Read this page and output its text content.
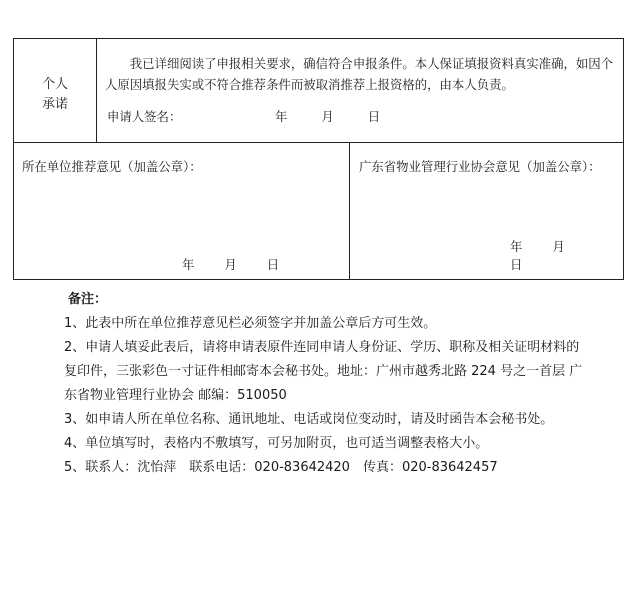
个人
承诺

我已详细阅读了申报相关要求，确信符合申报条件。本人保证填报资料真实准确，如因个人原因填报失实或不符合推荐条件而被取消推荐上报资格的，由本人负责。

申请人签名：	年 月 日
所在单位推荐意见（加盖公章）：
年 月 日
广东省物业管理行业协会意见（加盖公章）：
年 月日
备注：

1、此表中所在单位推荐意见栏必须签字并加盖公章后方可生效。

2、申请人填妥此表后，请将申请表原件连同申请人身份证、学历、职称及相关证明材料的复印件，三张彩色一寸证件相邮寄本会秘书处。地址：广州市越秀北路 224 号之一首层 广东省物业管理行业协会 邮编：510050

3、如申请人所在单位名称、通讯地址、电话或岗位变动时，请及时函告本会秘书处。

4、单位填写时，表格内不敷填写，可另加附页，也可适当调整表格大小。

5、联系人：沈怡萍　联系电话：020-83642420　传真：020-83642457
